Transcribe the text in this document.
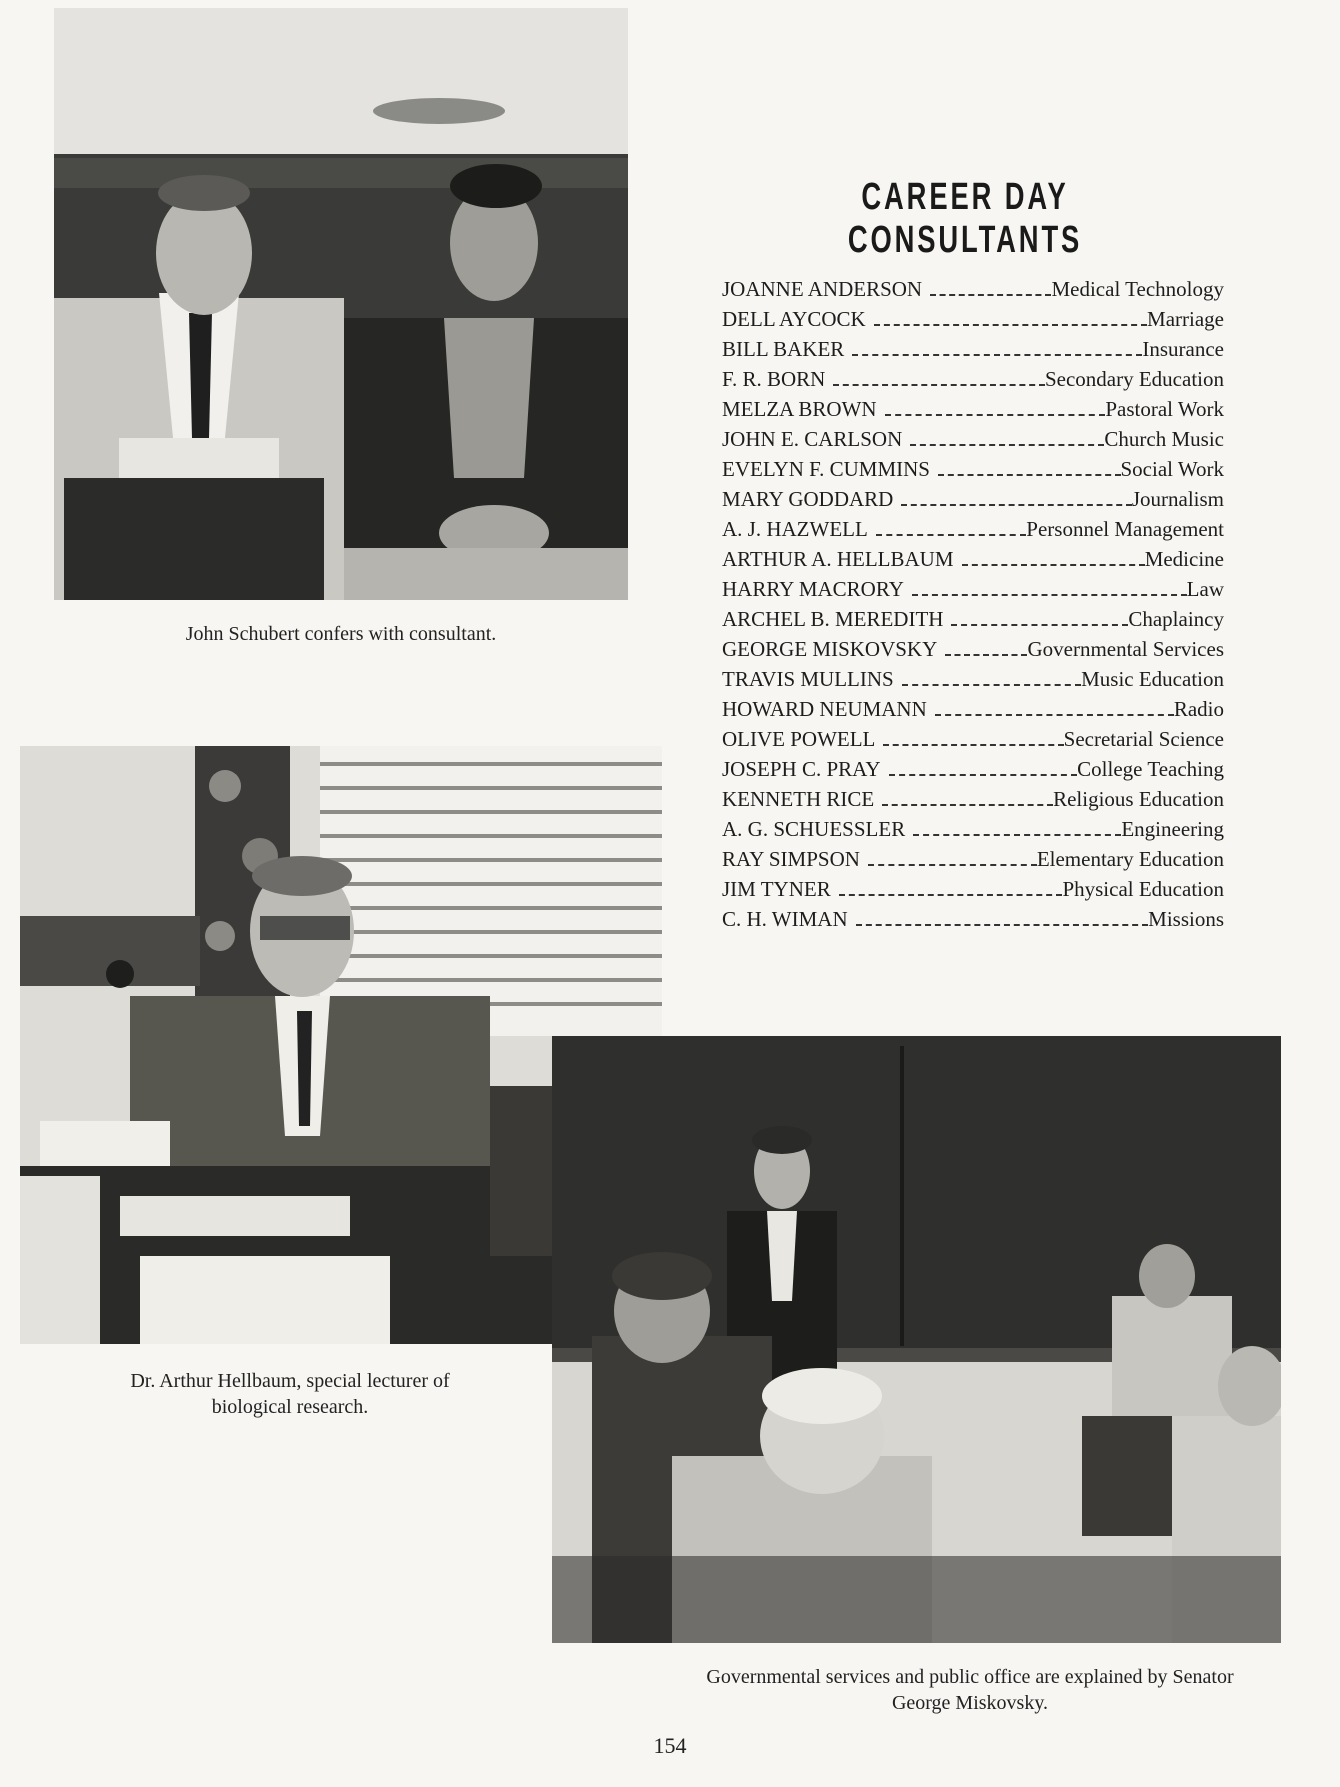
John Schubert confers with consultant.
Dr. Arthur Hellbaum, special lecturer of biological research.
CAREER DAY CONSULTANTS
JOANNE ANDERSON	Medical Technology
DELL AYCOCK	Marriage
BILL BAKER	Insurance
F. R. BORN	Secondary Education
MELZA BROWN	Pastoral Work
JOHN E. CARLSON	Church Music
EVELYN F. CUMMINS	Social Work
MARY GODDARD	Journalism
A. J. HAZWELL	Personnel Management
ARTHUR A. HELLBAUM	Medicine
HARRY MACRORY	Law
ARCHEL B. MEREDITH	Chaplaincy
GEORGE MISKOVSKY	Governmental Services
TRAVIS MULLINS	Music Education
HOWARD NEUMANN	Radio
OLIVE POWELL	Secretarial Science
JOSEPH C. PRAY	College Teaching
KENNETH RICE	Religious Education
A. G. SCHUESSLER	Engineering
RAY SIMPSON	Elementary Education
JIM TYNER	Physical Education
C. H. WIMAN	Missions
Governmental services and public office are explained by Senator George Miskovsky.
154
